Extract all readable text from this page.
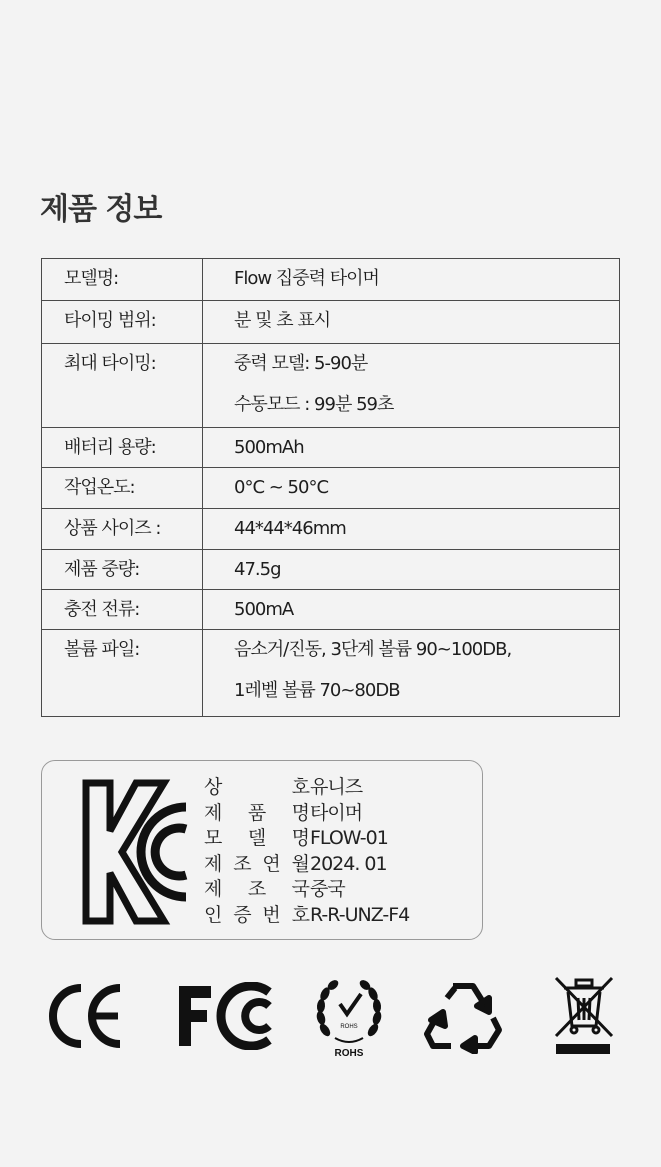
제품 정보
모델명:	Flow 집중력 타이머
타이밍 범위:	분 및 초 표시
최대 타이밍:	중력 모델: 5-90분
수동모드 : 99분 59초

배터리 용량:	500mAh
작업온도:	0°C ~ 50°C
상품 사이즈 :	44*44*46mm
제품 중량:	47.5g
충전 전류:	500mA
볼륨 파일:	음소거/진동, 3단계 볼륨 90~100DB,
1레벨 볼륨 70~80DB
상	호 유니즈
제 품 명 타이머
모 델 명 FLOW-01
제 조 연 월 2024. 01
제 조 국 중국
인 증 번 호 R-R-UNZ-F4
ROHS
ROHS
